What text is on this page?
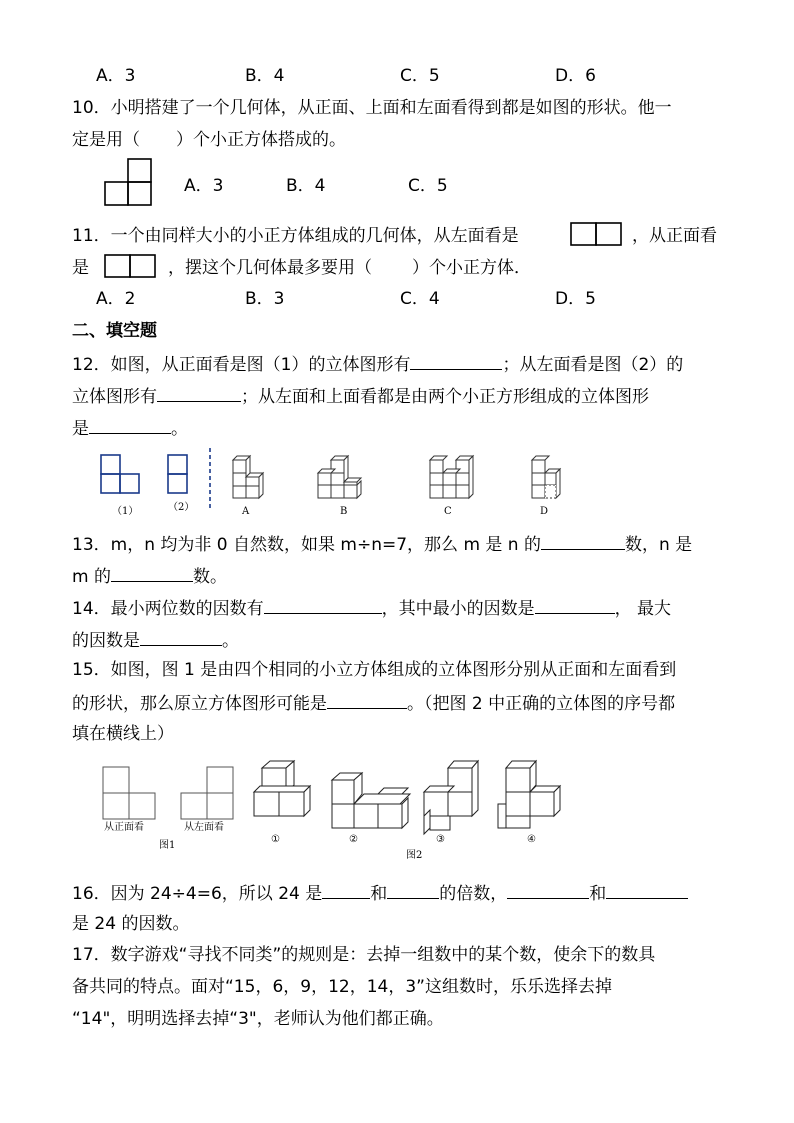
A．3	B．4	C．5	D．6
10．小明搭建了一个几何体，从正面、上面和左面看得到都是如图的形状。他一
定是用（ ）个小正方体搭成的。
A．3	B．4	C．5
11．一个由同样大小的小正方体组成的几何体，从左面看是	，从正面看
是	，摆这个几何体最多要用（ ）个小正方体．
A．2	B．3	C．4	D．5
二、填空题
12．如图，从正面看是图（1）的立体图形有	；从左面看是图（2）的
立体图形有	；从左面和上面看都是由两个小正方形组成的立体图形
是	。
（1）	（2）	A	B	C	D
13．m，n 均为非 0 自然数，如果 m÷n=7，那么 m 是 n 的	数，n 是
m 的	数。
14．最小两位数的因数有	，其中最小的因数是	， 最大
的因数是	。
15．如图，图 1 是由四个相同的小立方体组成的立体图形分别从正面和左面看到
的形状，那么原立方体图形可能是	。（把图 2 中正确的立体图的序号都
填在横线上）
从正面看	从左面看
图1
①	②	③	④
图2
16．因为 24÷4=6，所以 24 是	和	的倍数，	和
是 24 的因数。
17．数字游戏“寻找不同类”的规则是：去掉一组数中的某个数，使余下的数具
备共同的特点。面对“15，6，9，12，14，3”这组数时，乐乐选择去掉
“14"，明明选择去掉“3"，老师认为他们都正确。
